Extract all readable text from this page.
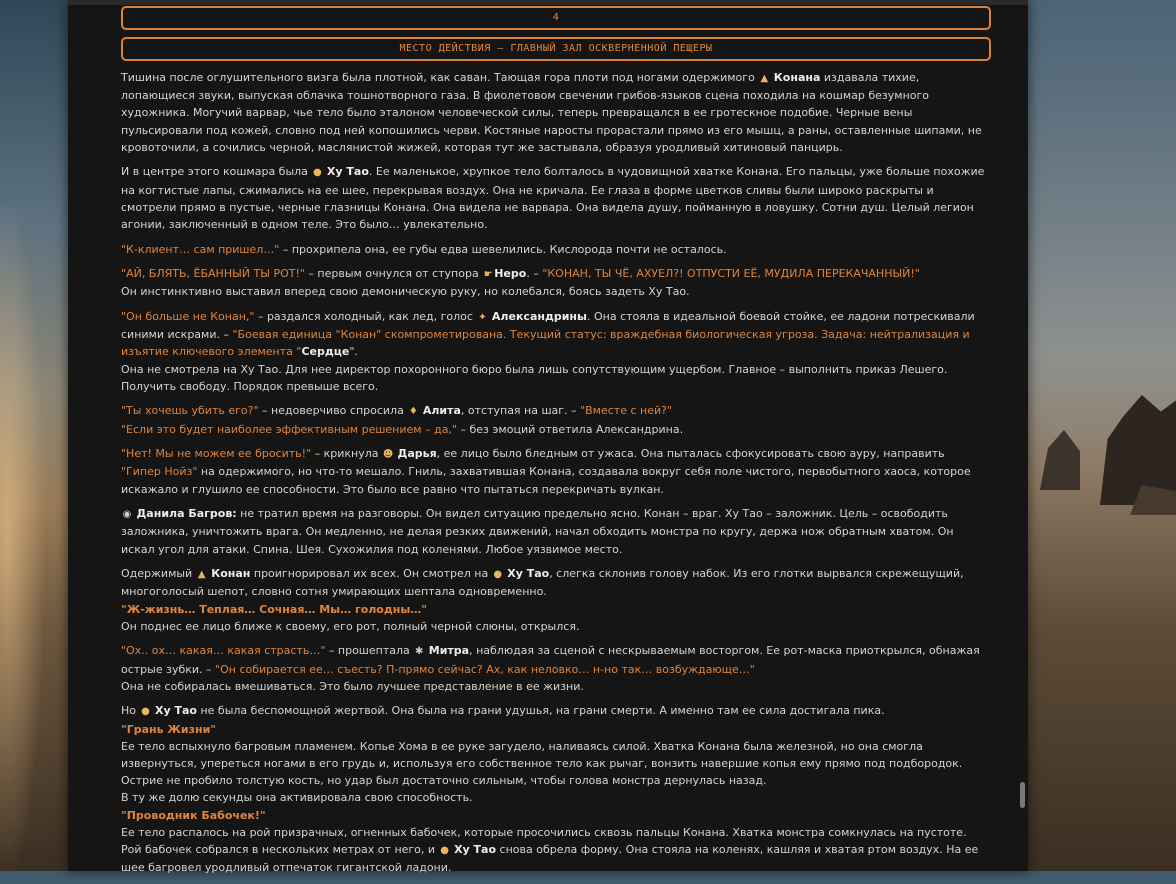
4
МЕСТО ДЕЙСТВИЯ – ГЛАВНЫЙ ЗАЛ ОСКВЕРНЕННОЙ ПЕЩЕРЫ

Тишина после оглушительного визга была плотной, как саван. Тающая гора плоти под ногами одержимого ▲ Конана издавала тихие, лопающиеся звуки, выпуская облачка тошнотворного газа. В фиолетовом свечении грибов-языков сцена походила на кошмар безумного художника. Могучий варвар, чье тело было эталоном человеческой силы, теперь превращался в ее гротескное подобие. Черные вены пульсировали под кожей, словно под ней копошились черви. Костяные наросты прорастали прямо из его мышц, а раны, оставленные шипами, не кровоточили, а сочились черной, маслянистой жижей, которая тут же застывала, образуя уродливый хитиновый панцирь.

И в центре этого кошмара была ● Ху Тао. Ее маленькое, хрупкое тело болталось в чудовищной хватке Конана. Его пальцы, уже больше похожие на когтистые лапы, сжимались на ее шее, перекрывая воздух. Она не кричала. Ее глаза в форме цветков сливы были широко раскрыты и смотрели прямо в пустые, черные глазницы Конана. Она видела не варвара. Она видела душу, пойманную в ловушку. Сотни душ. Целый легион агонии, заключенный в одном теле. Это было… увлекательно.

"К-клиент… сам пришел…" – прохрипела она, ее губы едва шевелились. Кислорода почти не осталось.

"АЙ, БЛЯТЬ, ЁБАННЫЙ ТЫ РОТ!" – первым очнулся от ступора ☛ Неро. – "КОНАН, ТЫ ЧЁ, АХУЕЛ?! ОТПУСТИ ЕЁ, МУДИЛА ПЕРЕКАЧАННЫЙ!"
Он инстинктивно выставил вперед свою демоническую руку, но колебался, боясь задеть Ху Тао.

"Он больше не Конан," – раздался холодный, как лед, голос ✦ Александрины. Она стояла в идеальной боевой стойке, ее ладони потрескивали синими искрами. – "Боевая единица "Конан" скомпрометирована. Текущий статус: враждебная биологическая угроза. Задача: нейтрализация и изъятие ключевого элемента "Сердце".
Она не смотрела на Ху Тао. Для нее директор похоронного бюро была лишь сопутствующим ущербом. Главное – выполнить приказ Лешего. Получить свободу. Порядок превыше всего.

"Ты хочешь убить его?" – недоверчиво спросила ♦ Алита, отступая на шаг. – "Вместе с ней?"
"Если это будет наиболее эффективным решением – да," – без эмоций ответила Александрина.

"Нет! Мы не можем ее бросить!" – крикнула ☻ Дарья, ее лицо было бледным от ужаса. Она пыталась сфокусировать свою ауру, направить "Гипер Нойз" на одержимого, но что-то мешало. Гниль, захватившая Конана, создавала вокруг себя поле чистого, первобытного хаоса, которое искажало и глушило ее способности. Это было все равно что пытаться перекричать вулкан.

◉ Данила Багров: не тратил время на разговоры. Он видел ситуацию предельно ясно. Конан – враг. Ху Тао – заложник. Цель – освободить заложника, уничтожить врага. Он медленно, не делая резких движений, начал обходить монстра по кругу, держа нож обратным хватом. Он искал угол для атаки. Спина. Шея. Сухожилия под коленями. Любое уязвимое место.

Одержимый ▲ Конан проигнорировал их всех. Он смотрел на ● Ху Тао, слегка склонив голову набок. Из его глотки вырвался скрежещущий, многоголосый шепот, словно сотня умирающих шептала одновременно.
"Ж-жизнь… Теплая… Сочная… Мы… голодны…"
Он поднес ее лицо ближе к своему, его рот, полный черной слюны, открылся.

"Ох.. ох… какая… какая страсть…" – прошептала ✱ Митра, наблюдая за сценой с нескрываемым восторгом. Ее рот-маска приоткрылся, обнажая острые зубки. – "Он собирается ее… съесть? П-прямо сейчас? Ах, как неловко… н-но так… возбуждающе…"
Она не собиралась вмешиваться. Это было лучшее представление в ее жизни.

Но ● Ху Тао не была беспомощной жертвой. Она была на грани удушья, на грани смерти. А именно там ее сила достигала пика.
"Грань Жизни"
Ее тело вспыхнуло багровым пламенем. Копье Хома в ее руке загудело, наливаясь силой. Хватка Конана была железной, но она смогла извернуться, упереться ногами в его грудь и, используя его собственное тело как рычаг, вонзить навершие копья ему прямо под подбородок. Острие не пробило толстую кость, но удар был достаточно сильным, чтобы голова монстра дернулась назад.
В ту же долю секунды она активировала свою способность.
"Проводник Бабочек!"
Ее тело распалось на рой призрачных, огненных бабочек, которые просочились сквозь пальцы Конана. Хватка монстра сомкнулась на пустоте. Рой бабочек собрался в нескольких метрах от него, и ● Ху Тао снова обрела форму. Она стояла на коленях, кашляя и хватая ртом воздух. На ее шее багровел уродливый отпечаток гигантской ладони.
